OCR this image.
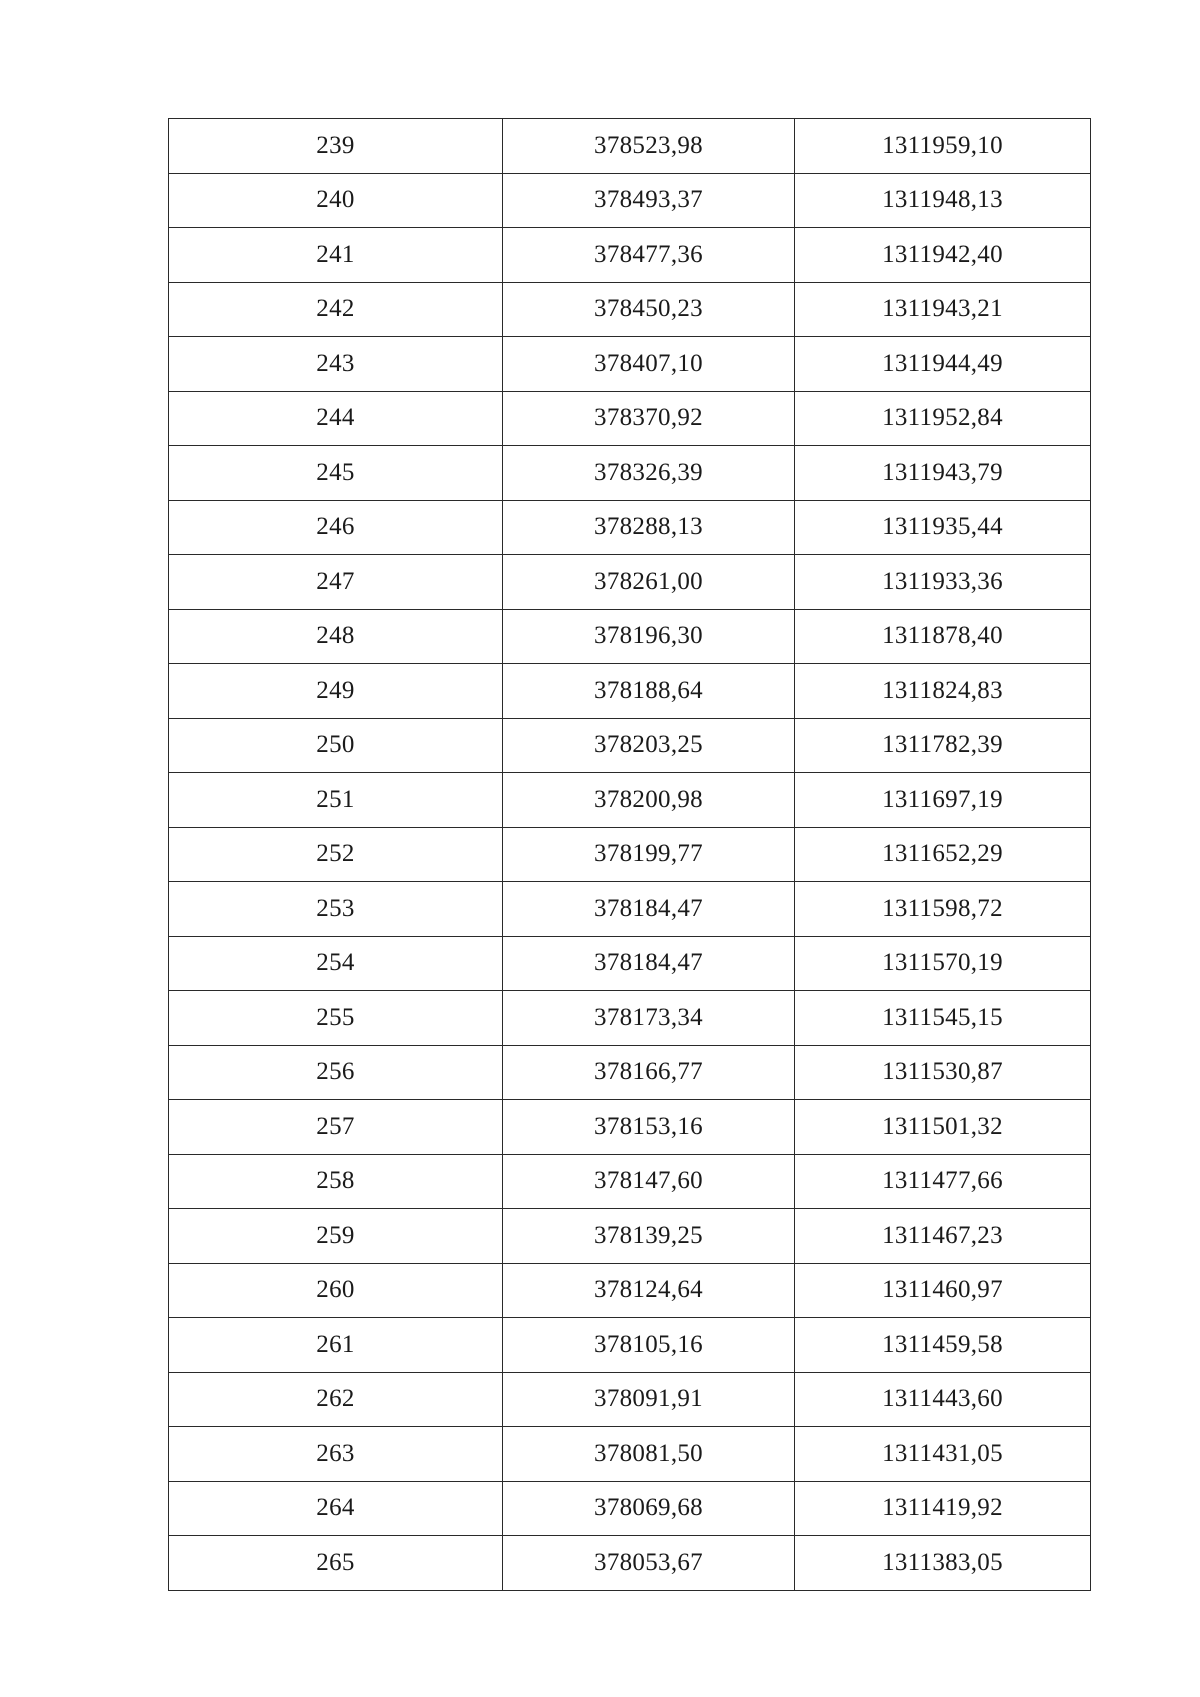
239	378523,98	1311959,10
240	378493,37	1311948,13
241	378477,36	1311942,40
242	378450,23	1311943,21
243	378407,10	1311944,49
244	378370,92	1311952,84
245	378326,39	1311943,79
246	378288,13	1311935,44
247	378261,00	1311933,36
248	378196,30	1311878,40
249	378188,64	1311824,83
250	378203,25	1311782,39
251	378200,98	1311697,19
252	378199,77	1311652,29
253	378184,47	1311598,72
254	378184,47	1311570,19
255	378173,34	1311545,15
256	378166,77	1311530,87
257	378153,16	1311501,32
258	378147,60	1311477,66
259	378139,25	1311467,23
260	378124,64	1311460,97
261	378105,16	1311459,58
262	378091,91	1311443,60
263	378081,50	1311431,05
264	378069,68	1311419,92
265	378053,67	1311383,05
